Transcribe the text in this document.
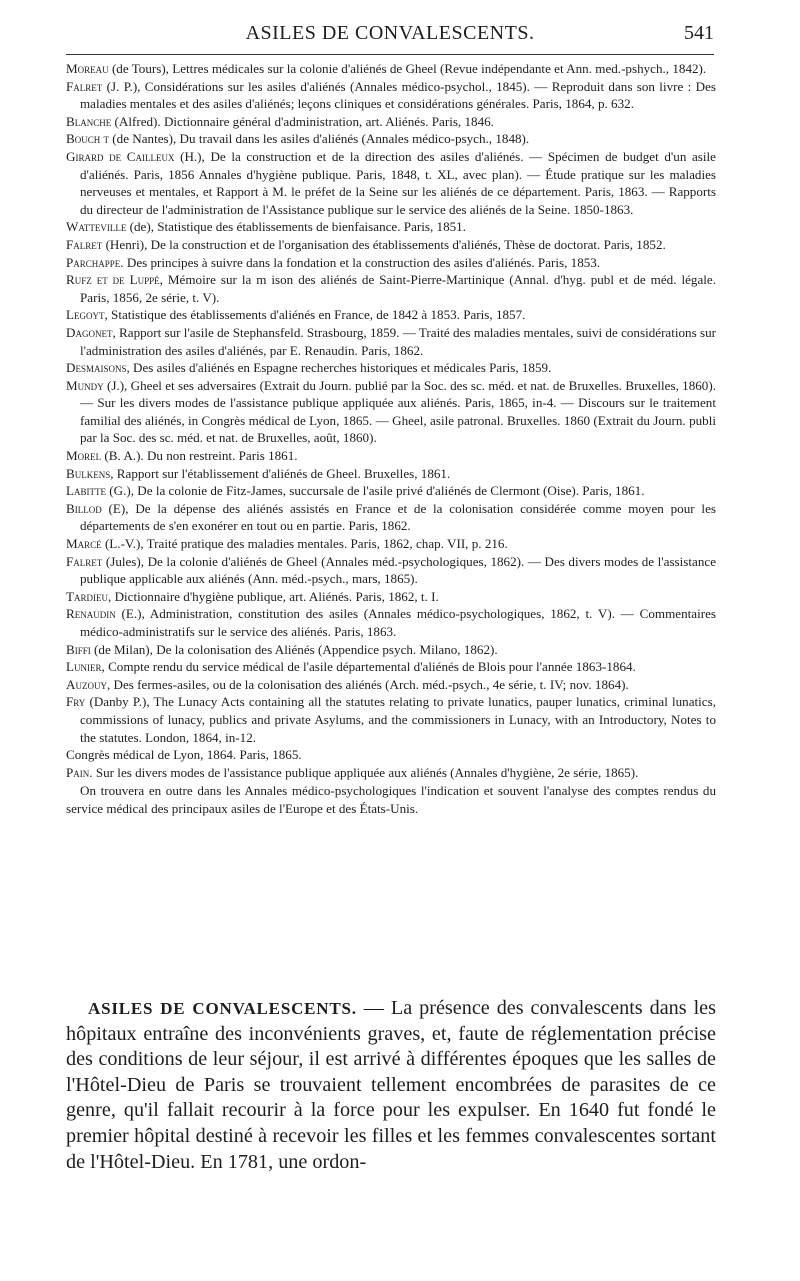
ASILES DE CONVALESCENTS.	541
Moreau (de Tours), Lettres médicales sur la colonie d'aliénés de Gheel (Revue indépendante et Ann. med.-pshych., 1842).
Falret (J. P.), Considérations sur les asiles d'aliénés (Annales médico-psychol., 1845). — Reproduit dans son livre : Des maladies mentales et des asiles d'aliénés; leçons cliniques et considérations générales. Paris, 1864, p. 632.
Blanche (Alfred). Dictionnaire général d'administration, art. Aliénés. Paris, 1846.
Bouch t (de Nantes), Du travail dans les asiles d'aliénés (Annales médico-psych., 1848).
Girard de Cailleux (H.), De la construction et de la direction des asiles d'aliénés. — Spécimen de budget d'un asile d'aliénés. Paris, 1856 Annales d'hygiène publique. Paris, 1848, t. XL, avec plan). — Étude pratique sur les maladies nerveuses et mentales, et Rapport à M. le préfet de la Seine sur les aliénés de ce département. Paris, 1863. — Rapports du directeur de l'administration de l'Assistance publique sur le service des aliénés de la Seine. 1850-1863.
Watteville (de), Statistique des établissements de bienfaisance. Paris, 1851.
Falret (Henri), De la construction et de l'organisation des établissements d'aliénés, Thèse de doctorat. Paris, 1852.
Parchappe. Des principes à suivre dans la fondation et la construction des asiles d'aliénés. Paris, 1853.
Rufz et de Luppé, Mémoire sur la m ison des aliénés de Saint-Pierre-Martinique (Annal. d'hyg. publ et de méd. légale. Paris, 1856, 2e série, t. V).
Legoyt, Statistique des établissements d'aliénés en France, de 1842 à 1853. Paris, 1857.
Dagonet, Rapport sur l'asile de Stephansfeld. Strasbourg, 1859. — Traité des maladies mentales, suivi de considérations sur l'administration des asiles d'aliénés, par E. Renaudin. Paris, 1862.
Desmaisons, Des asiles d'aliénés en Espagne recherches historiques et médicales Paris, 1859.
Mundy (J.), Gheel et ses adversaires (Extrait du Journ. publié par la Soc. des sc. méd. et nat. de Bruxelles. Bruxelles, 1860). — Sur les divers modes de l'assistance publique appliquée aux aliénés. Paris, 1865, in-4. — Discours sur le traitement familial des aliénés, in Congrès médical de Lyon, 1865. — Gheel, asile patronal. Bruxelles. 1860 (Extrait du Journ. publi par la Soc. des sc. méd. et nat. de Bruxelles, août, 1860).
Morel (B. A.). Du non restreint. Paris 1861.
Bulkens, Rapport sur l'établissement d'aliénés de Gheel. Bruxelles, 1861.
Labitte (G.), De la colonie de Fitz-James, succursale de l'asile privé d'aliénés de Clermont (Oise). Paris, 1861.
Billod (E), De la dépense des aliénés assistés en France et de la colonisation considérée comme moyen pour les départements de s'en exonérer en tout ou en partie. Paris, 1862.
Marcé (L.-V.), Traité pratique des maladies mentales. Paris, 1862, chap. VII, p. 216.
Falret (Jules), De la colonie d'aliénés de Gheel (Annales méd.-psychologiques, 1862). — Des divers modes de l'assistance publique applicable aux aliénés (Ann. méd.-psych., mars, 1865).
Tardieu, Dictionnaire d'hygiène publique, art. Aliénés. Paris, 1862, t. I.
Renaudin (E.), Administration, constitution des asiles (Annales médico-psychologiques, 1862, t. V). — Commentaires médico-administratifs sur le service des aliénés. Paris, 1863.
Biffi (de Milan), De la colonisation des Aliénés (Appendice psych. Milano, 1862).
Lunier, Compte rendu du service médical de l'asile départemental d'aliénés de Blois pour l'année 1863-1864.
Auzouy, Des fermes-asiles, ou de la colonisation des aliénés (Arch. méd.-psych., 4e série, t. IV; nov. 1864).
Fry (Danby P.), The Lunacy Acts containing all the statutes relating to private lunatics, pauper lunatics, criminal lunatics, commissions of lunacy, publics and private Asylums, and the commissioners in Lunacy, with an Introductory, Notes to the statutes. London, 1864, in-12.
Congrès médical de Lyon, 1864. Paris, 1865.
Pain. Sur les divers modes de l'assistance publique appliquée aux aliénés (Annales d'hygiène, 2e série, 1865).
On trouvera en outre dans les Annales médico-psychologiques l'indication et souvent l'analyse des comptes rendus du service médical des principaux asiles de l'Europe et des États-Unis.
ASILES DE CONVALESCENTS. — La présence des convalescents dans les hôpitaux entraîne des inconvénients graves, et, faute de réglementation précise des conditions de leur séjour, il est arrivé à différentes époques que les salles de l'Hôtel-Dieu de Paris se trouvaient tellement encombrées de parasites de ce genre, qu'il fallait recourir à la force pour les expulser. En 1640 fut fondé le premier hôpital destiné à recevoir les filles et les femmes convalescentes sortant de l'Hôtel-Dieu. En 1781, une ordon-
